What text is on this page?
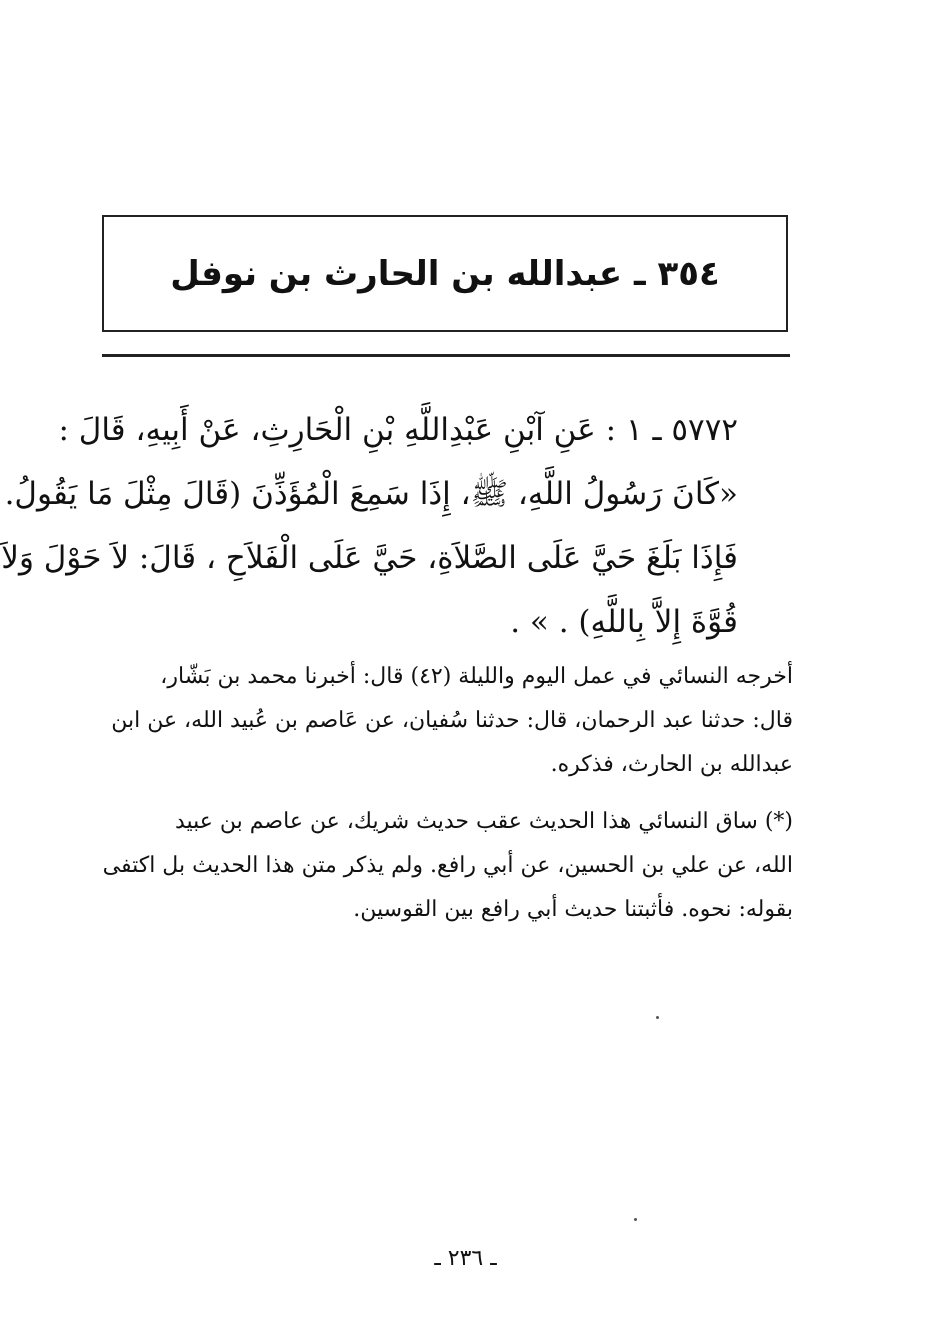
٣٥٤ ـ عبدالله بن الحارث بن نوفل
٥٧٧٢ ـ ١ : عَنِ آبْنِ عَبْدِاللَّهِ بْنِ الْحَارِثِ، عَنْ أَبِيهِ، قَالَ :
«كَانَ رَسُولُ اللَّهِ، ﷺ، إِذَا سَمِعَ الْمُؤَذِّنَ (قَالَ مِثْلَ مَا يَقُولُ.
فَإِذَا بَلَغَ حَيَّ عَلَى الصَّلاَةِ، حَيَّ عَلَى الْفَلاَحِ ، قَالَ: لاَ حَوْلَ وَلاَ
قُوَّةَ إِلاَّ بِاللَّهِ) . » .
أخرجه النسائي في عمل اليوم والليلة (٤٢) قال: أخبرنا محمد بن بَشّار،
قال: حدثنا عبد الرحمان، قال: حدثنا سُفيان، عن عَاصم بن عُبيد الله، عن ابن
عبدالله بن الحارث، فذكره.
(*) ساق النسائي هذا الحديث عقب حديث شريك، عن عاصم بن عبيد
الله، عن علي بن الحسين، عن أبي رافع. ولم يذكر متن هذا الحديث بل اكتفى
بقوله: نحوه. فأثبتنا حديث أبي رافع بين القوسين.
ـ ٢٣٦ ـ
